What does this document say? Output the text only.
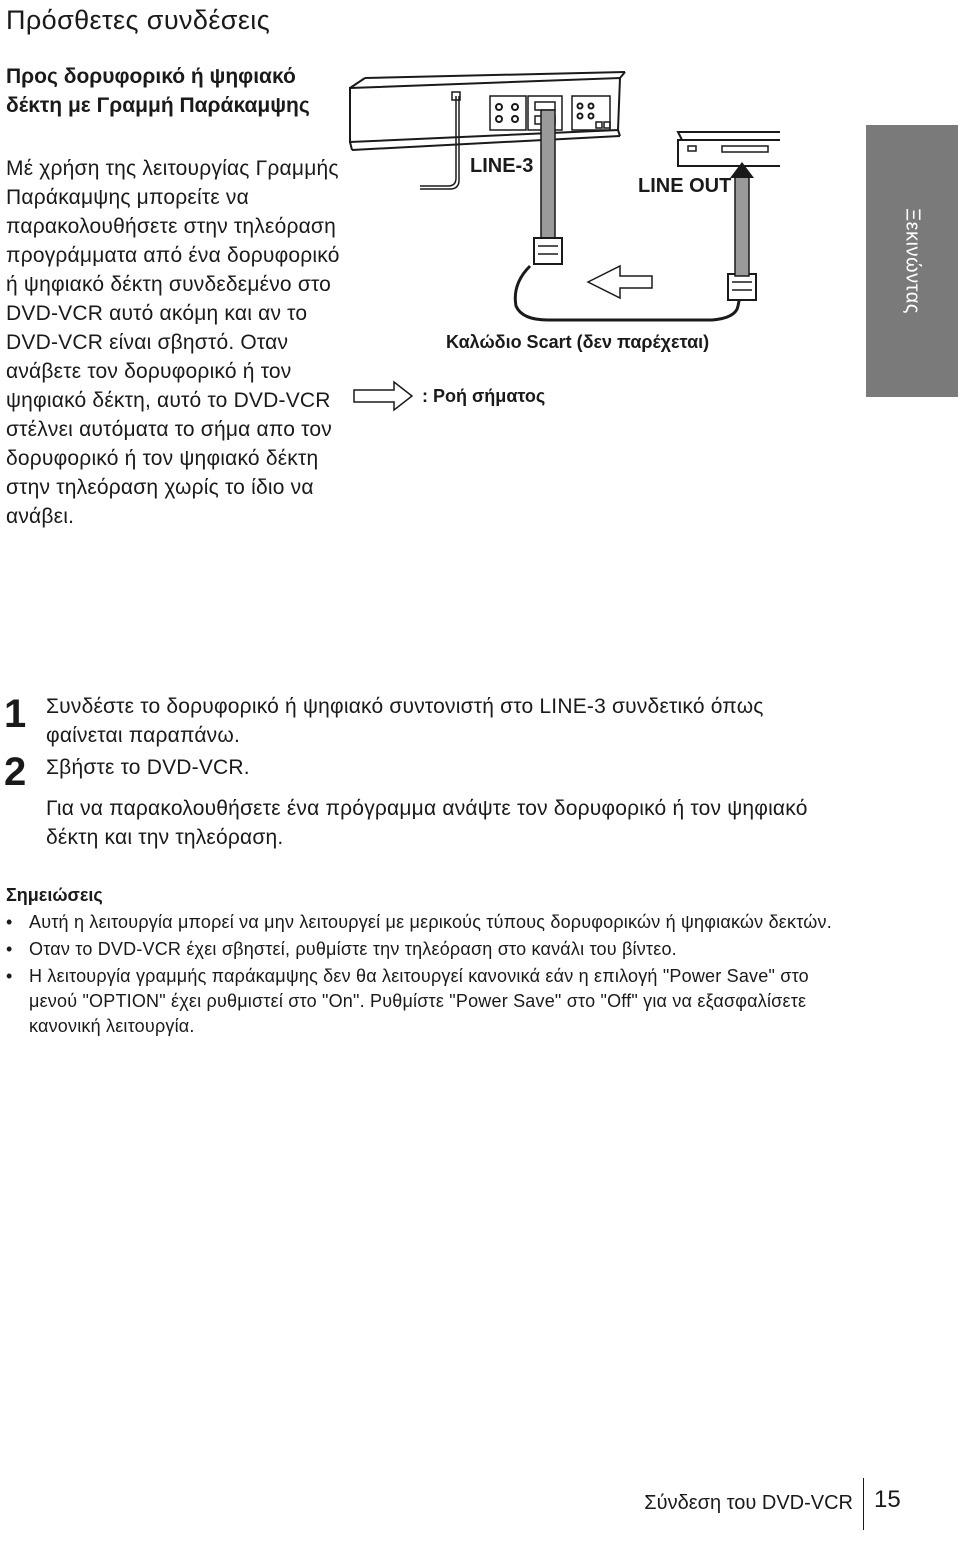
Πρόσθετες συνδέσεις
Προς δορυφορικό ή ψηφιακό δέκτη με Γραμμή Παράκαμψης
Μέ χρήση της λειτουργίας Γραμμής Παράκαμψης μπορείτε να παρακολουθήσετε στην τηλεόραση προγράμματα από ένα δορυφορικό ή ψηφιακό δέκτη συνδεδεμένο στο DVD-VCR αυτό ακόμη και αν το DVD-VCR είναι σβηστό. Οταν ανάβετε τον δορυφορικό ή τον ψηφιακό δέκτη, αυτό το DVD-VCR στέλνει αυτόματα το σήμα απο τον δορυφορικό ή τον ψηφιακό δέκτη στην τηλεόραση χωρίς το ίδιο να ανάβει.
LINE-3
LINE OUT
Καλώδιο Scart (δεν παρέχεται)
: Ροή σήματος
Ξεκινώντας
1 Συνδέστε το δορυφορικό ή ψηφιακό συντονιστή στο LINE-3 συνδετικό όπως φαίνεται παραπάνω.
2 Σβήστε το DVD-VCR.
Για να παρακολουθήσετε ένα πρόγραμμα ανάψτε τον δορυφορικό ή τον ψηφιακό δέκτη και την τηλεόραση.
Σημειώσεις
• Αυτή η λειτουργία μπορεί να μην λειτουργεί με μερικούς τύπους δορυφορικών ή ψηφιακών δεκτών.
• Οταν το DVD-VCR έχει σβηστεί, ρυθμίστε την τηλεόραση στο κανάλι του βίντεο.
• Η λειτουργία γραμμής παράκαμψης δεν θα λειτουργεί κανονικά εάν η επιλογή "Power Save" στο μενού "OPTION" έχει ρυθμιστεί στο "On". Ρυθμίστε "Power Save" στο "Off" για να εξασφαλίσετε κανονική λειτουργία.
Σύνδεση του DVD-VCR 15
